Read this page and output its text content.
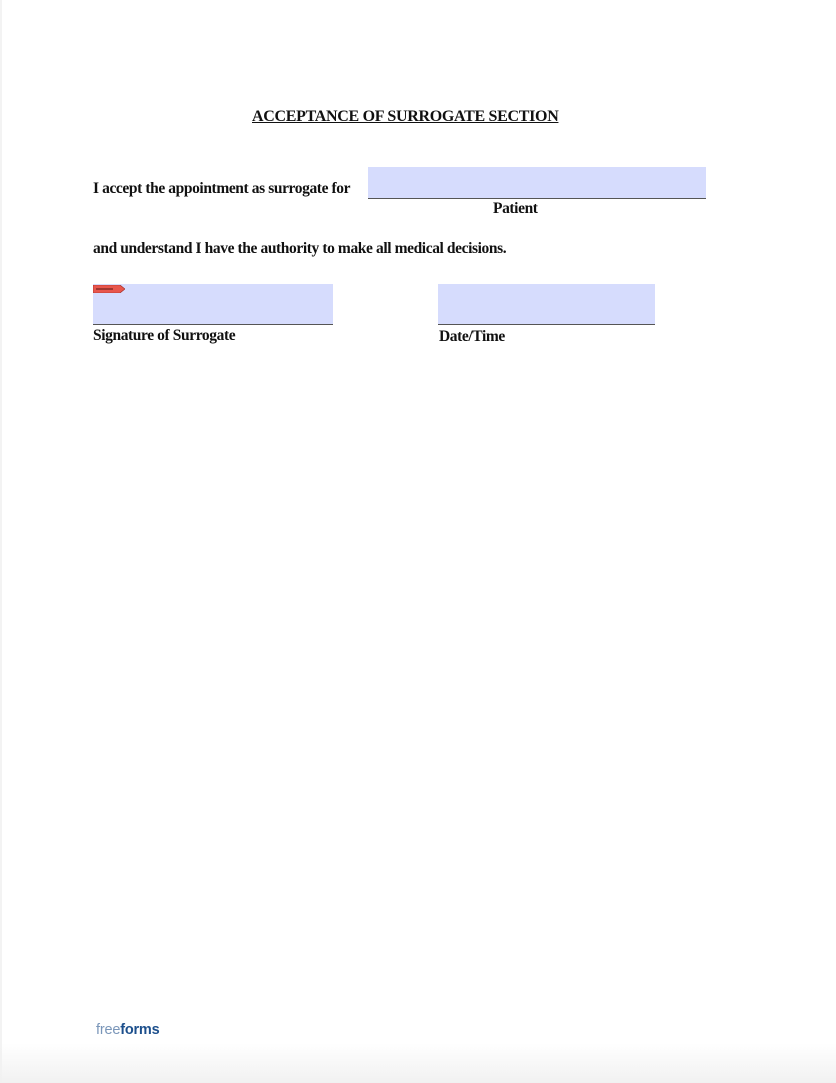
ACCEPTANCE OF SURROGATE SECTION
I accept the appointment as surrogate for
Patient
and understand I have the authority to make all medical decisions.
Signature of Surrogate	Date/Time
freeforms
